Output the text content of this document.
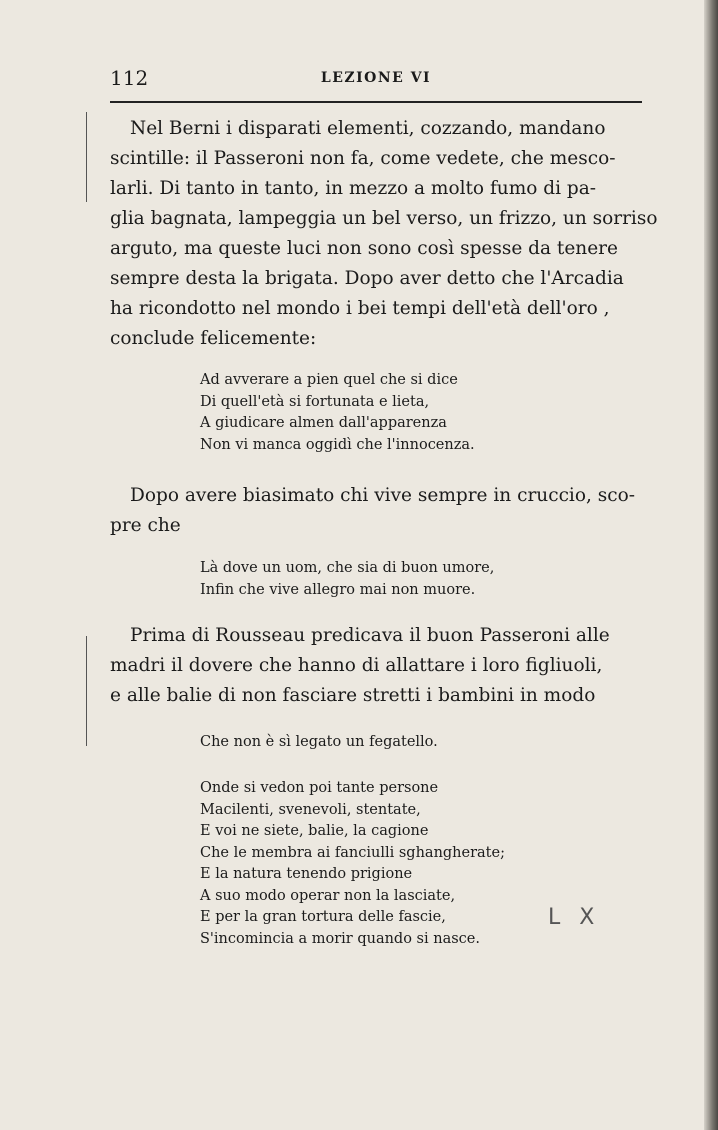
112	LEZIONE VI

Nel Berni i disparati elementi, cozzando, mandano
scintille: il Passeroni non fa, come vedete, che mesco-
larli. Di tanto in tanto, in mezzo a molto fumo di pa-
glia bagnata, lampeggia un bel verso, un frizzo, un sorriso
arguto, ma queste luci non sono così spesse da tenere
sempre desta la brigata. Dopo aver detto che l'Arcadia
ha ricondotto nel mondo i bei tempi dell'età dell'oro ,
conclude felicemente:

Ad avverare a pien quel che si dice
Di quell'età si fortunata e lieta,
A giudicare almen dall'apparenza
Non vi manca oggidì che l'innocenza.

Dopo avere biasimato chi vive sempre in cruccio, sco-
pre che

Là dove un uom, che sia di buon umore,
Infin che vive allegro mai non muore.

Prima di Rousseau predicava il buon Passeroni alle
madri il dovere che hanno di allattare i loro figliuoli,
e alle balie di non fasciare stretti i bambini in modo

Che non è sì legato un fegatello.

Onde si vedon poi tante persone
Macilenti, svenevoli, stentate,
E voi ne siete, balie, la cagione
Che le membra ai fanciulli sghangherate;
E la natura tenendo prigione
A suo modo operar non la lasciate,
E per la gran tortura delle fascie,
S'incomincia a morir quando si nasce.

L X
